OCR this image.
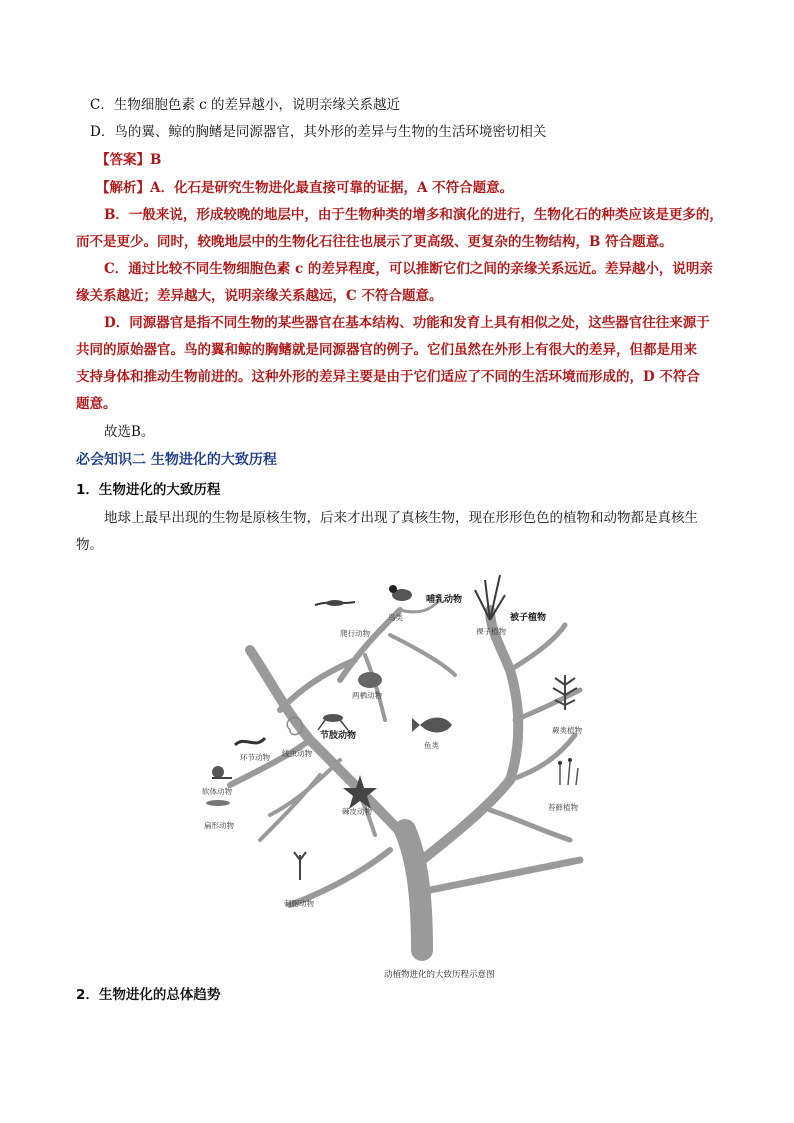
C．生物细胞色素 c 的差异越小，说明亲缘关系越近
D．鸟的翼、鲸的胸鳍是同源器官，其外形的差异与生物的生活环境密切相关
【答案】B
【解析】A．化石是研究生物进化最直接可靠的证据，A 不符合题意。
B．一般来说，形成较晚的地层中，由于生物种类的增多和演化的进行，生物化石的种类应该是更多的，
而不是更少。同时，较晚地层中的生物化石往往也展示了更高级、更复杂的生物结构，B 符合题意。
C．通过比较不同生物细胞色素 c 的差异程度，可以推断它们之间的亲缘关系远近。差异越小，说明亲
缘关系越近；差异越大，说明亲缘关系越远，C 不符合题意。
D．同源器官是指不同生物的某些器官在基本结构、功能和发育上具有相似之处，这些器官往往来源于
共同的原始器官。鸟的翼和鲸的胸鳍就是同源器官的例子。它们虽然在外形上有很大的差异，但都是用来
支持身体和推动生物前进的。这种外形的差异主要是由于它们适应了不同的生活环境而形成的，D 不符合
题意。
故选B。
必会知识二 生物进化的大致历程
1．生物进化的大致历程
地球上最早出现的生物是原核生物，后来才出现了真核生物，现在形形色色的植物和动物都是真核生
物。
爬行动物
鸟类
哺乳动物
裸子植物
被子植物
两栖动物
节肢动物
环节动物 线虫动物
鱼类
蕨类植物
软体动物
扁形动物
棘皮动物	苔藓植物
刺胞动物
动植物进化的大致历程示意图
2．生物进化的总体趋势
